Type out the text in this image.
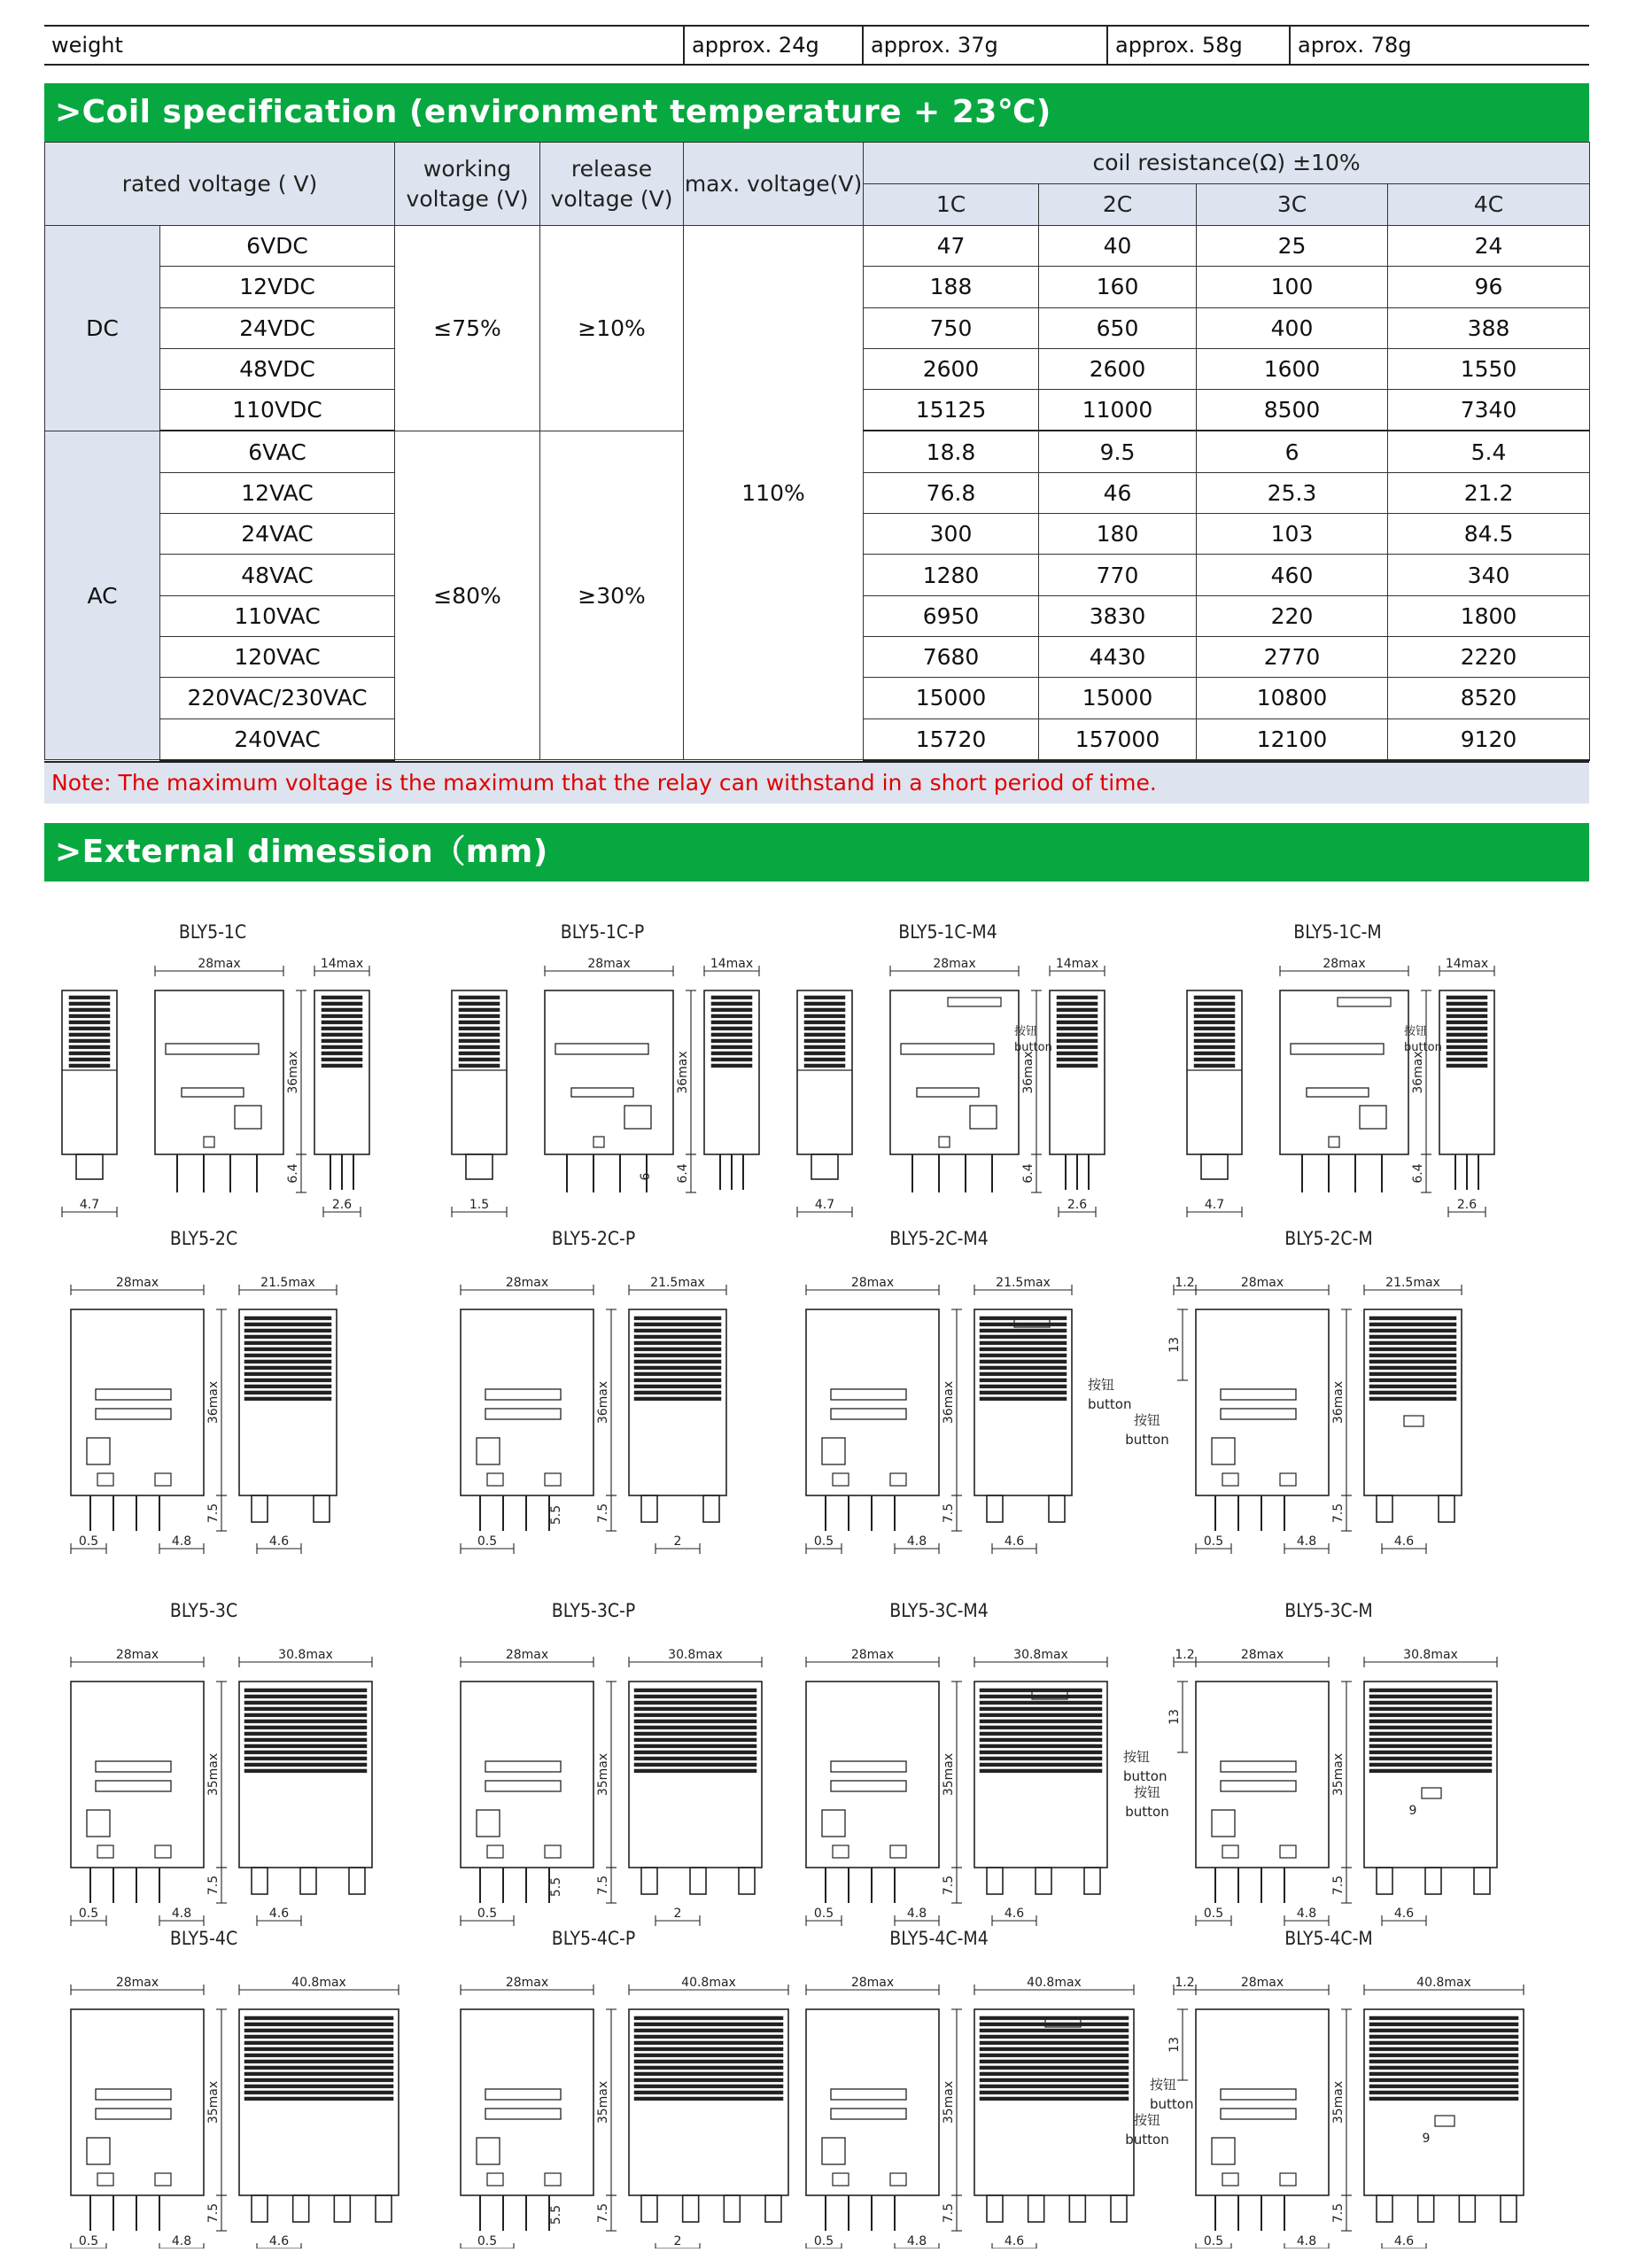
weight	approx. 24g	approx. 37g	approx. 58g	aprox. 78g
>Coil specification (environment temperature + 23℃)
rated voltage ( V)		working voltage (V)	release voltage (V)	max. voltage(V)	coil resistance(Ω) ±10%			
					1C	2C	3C	4C
DC	6VDC	≤75%	≥10%	110%	47	40	25	24
	12VDC				188	160	100	96
	24VDC				750	650	400	388
	48VDC				2600	2600	1600	1550
	110VDC				15125	11000	8500	7340
AC	6VAC	≤80%	≥30%		18.8	9.5	6	5.4
	12VAC				76.8	46	25.3	21.2
	24VAC				300	180	103	84.5
	48VAC				1280	770	460	340
	110VAC				6950	3830	220	1800
	120VAC				7680	4430	2770	2220
	220VAC/230VAC				15000	15000	10800	8520
	240VAC				15720	157000	12100	9120
Note: The maximum voltage is the maximum that the relay can withstand in a short period of time.
>External dimession（mm)
28max
36max
6.4
14max
4.7	2.6
28max
36max
6.4
14max
1.5
6
28max
36max
6.4
14max
4.7	2.6
按钮
button
28max
36max
6.4
14max
4.7	2.6
按钮
button
28max
36max
7.5
21.5max
0.5	4.8	4.6
28max
36max
7.5
21.5max
0.5
5.5
2
28max
36max
7.5
21.5max
0.5	4.8	4.6
按钮
button
28max
36max
7.5
21.5max
0.5	4.8	4.6
1.2
13
按钮
button
28max
35max
7.5
30.8max
0.5	4.8	4.6
28max
35max
7.5
30.8max
0.5
5.5
2
28max
35max
7.5
30.8max
0.5	4.8	4.6
按钮
button
28max
35max
7.5
30.8max
0.5	4.8	4.6
1.2
13
按钮
button	9
28max
35max
7.5
40.8max
0.5	4.8	4.6
28max
35max
7.5
40.8max
0.5
5.5
2
28max
35max
7.5
40.8max
0.5	4.8	4.6
按钮
button
28max
35max
7.5
40.8max
0.5	4.8	4.6
1.2
13
按钮
button	9
BLY5-1C	BLY5-1C-P	BLY5-1C-M4	BLY5-1C-M
BLY5-2C	BLY5-2C-P	BLY5-2C-M4	BLY5-2C-M
BLY5-3C	BLY5-3C-P	BLY5-3C-M4	BLY5-3C-M
BLY5-4C	BLY5-4C-P	BLY5-4C-M4	BLY5-4C-M
